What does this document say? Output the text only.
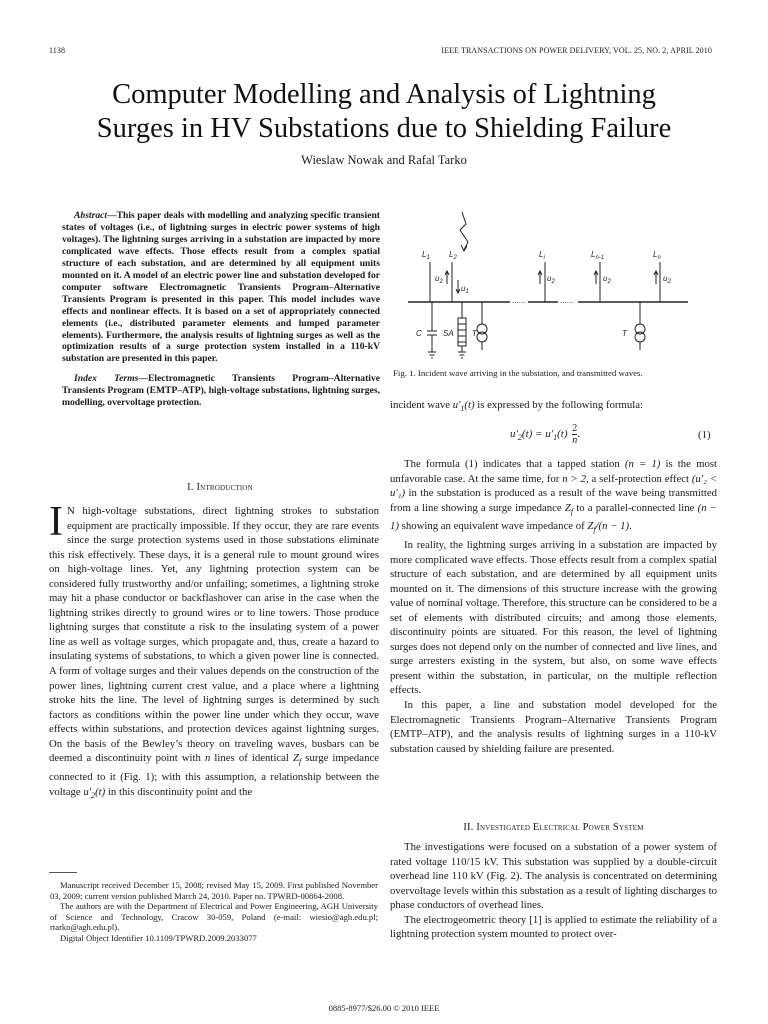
1138	IEEE TRANSACTIONS ON POWER DELIVERY, VOL. 25, NO. 2, APRIL 2010
Computer Modelling and Analysis of Lightning
Surges in HV Substations due to Shielding Failure
Wieslaw Nowak and Rafal Tarko
Abstract—This paper deals with modelling and analyzing specific transient states of voltages (i.e., of lightning surges in electric power systems of high voltages). The lightning surges arriving in a substation are impacted by more complicated wave effects. Those effects result from a complex spatial structure of each substation, and are determined by all equipment units mounted on it. A model of an electric power line and substation developed for computer software Electromagnetic Transients Program–Alternative Transients Program is presented in this paper. This model includes wave effects and nonlinear effects. It is based on a set of appropriately connected elements (i.e., distributed parameter elements and lumped parameter elements). Furthermore, the analysis results of lightning surges as well as the optimization results of a surge protection system installed in a 110-kV substation are presented in this paper.
Index Terms—Electromagnetic Transients Program–Alternative Transients Program (EMTP–ATP), high-voltage substations, lightning surges, modelling, overvoltage protection.
I. Introduction
I N high-voltage substations, direct lightning strokes to substation equipment are practically impossible. If they occur, they are rare events since the surge protection systems used in those substations eliminate this risk effectively. These days, it is a general rule to mount ground wires on high-voltage lines. Yet, any lightning protection system can be considered fully trustworthy and/or unfailing; sometimes, a lightning stroke may hit a phase conductor or backflashover can arise in the case when the lightning strikes directly to ground wires or to line towers. Those produce lightning surges that constitute a risk to the insulating system of a power line as well as voltage surges, which propagate and, thus, create a hazard to insulating systems of substations, to which a given power line is connected. A form of voltage surges and their values depends on the construction of the power lines, lightning current crest value, and a place where a lightning stroke hits the line. The level of lightning surges is determined by such factors as conditions within the power line under which they occur, wave effects within substations, and protection devices against lightning surges. On the basis of the Bewley’s theory on traveling waves, busbars can be deemed a discontinuity point with n lines of identical $Z_f$ surge impedance connected to it (Fig. 1); with this assumption, a relationship between the voltage $u'_2(t)$ in this discontinuity point and the

Manuscript received December 15, 2008; revised May 15, 2009. First published November 03, 2009; current version published March 24, 2010. Paper no. TPWRD-00864-2008.

The authors are with the Department of Electrical and Power Engineering, AGH University of Science and Technology, Cracow 30-059, Poland (e-mail: wiesio@agh.edu.pl; rtarko@agh.edu.pl).

Digital Object Identifier 10.1109/TPWRD.2009.2033077

$L_1$ $L_2$	$L_i$	$L_{n-1}$	$L_n$
$u_2$
$u_1$
$u_2$	$u_2$	$u_2$
C	SA T	T
......	......
Fig. 1. Incident wave arriving in the substation, and transmitted waves.
incident wave $u'_1(t)$ is expressed by the following formula:
$u'_2(t) = u'_1(t) \frac{2}{n}$ .	(1)

The formula (1) indicates that a tapped station (n = 1) is the most unfavorable case. At the same time, for n > 2, a self-protection effect (u′₂ < u′₁) in the substation is produced as a result of the wave being transmitted from a line showing a surge impedance $Z_f$ to a parallel-connected line (n − 1) showing an equivalent wave impedance of $Z_f/(n - 1)$.

In reality, the lightning surges arriving in a substation are impacted by more complicated wave effects. Those effects result from a complex spatial structure of each substation, and are determined by all equipment units mounted on it. The dimensions of this structure increase with the growing value of nominal voltage. Therefore, this structure can be considered to be a set of elements with distributed circuits; and among those elements, discontinuity points are situated. For this reason, the level of lightning surges does not depend only on the number of connected and live lines, and surge arresters existing in the system, but also, on some wave effects present within the substation, in particular, on the multiple reflection effects.

In this paper, a line and substation model developed for the Electromagnetic Transients Program–Alternative Transients Program (EMTP–ATP), and the analysis results of lightning surges in a 110-kV substation caused by shielding failure are presented.

II. Investigated Electrical Power System

The investigations were focused on a substation of a power system of rated voltage 110/15 kV. This substation was supplied by a double-circuit overhead line 110 kV (Fig. 2). The analysis is concentrated on determining overvoltage levels within this substation as a result of lighting discharges to phase conductors of overhead lines.

The electrogeometric theory [1] is applied to estimate the reliability of a lightning protection system mounted to protect over-

0885-8977/$26.00 © 2010 IEEE
